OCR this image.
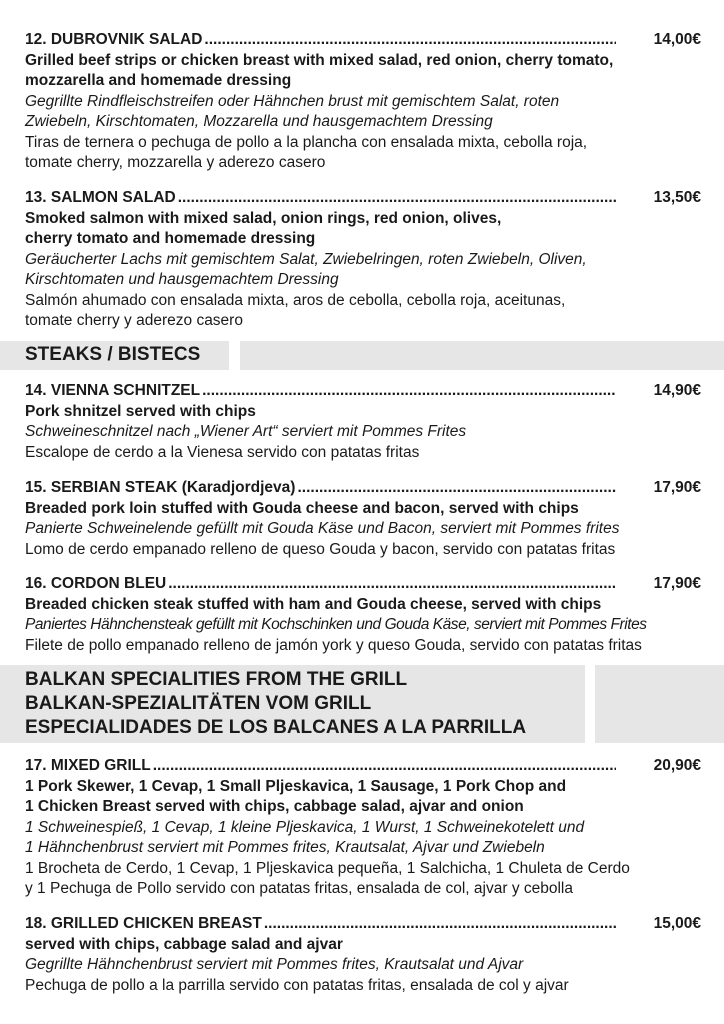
12. DUBROVNIK SALAD .....	14,00€
Grilled beef strips or chicken breast with mixed salad, red onion, cherry tomato,
mozzarella and homemade dressing
Gegrillte Rindfleischstreifen oder Hähnchen brust mit gemischtem Salat, roten
Zwiebeln, Kirschtomaten, Mozzarella und hausgemachtem Dressing
Tiras de ternera o pechuga de pollo a la plancha con ensalada mixta, cebolla roja,
tomate cherry, mozzarella y aderezo casero
13. SALMON SALAD .....	13,50€
Smoked salmon with mixed salad, onion rings, red onion, olives,
cherry tomato and homemade dressing
Geräucherter Lachs mit gemischtem Salat, Zwiebelringen, roten Zwiebeln, Oliven,
Kirschtomaten und hausgemachtem Dressing
Salmón ahumado con ensalada mixta, aros de cebolla, cebolla roja, aceitunas,
tomate cherry y aderezo casero
STEAKS / BISTECS
14. VIENNA SCHNITZEL .....	14,90€
Pork shnitzel served with chips
Schweineschnitzel nach „Wiener Art“ serviert mit Pommes Frites
Escalope de cerdo a la Vienesa servido con patatas fritas
15. SERBIAN STEAK (Karadjordjeva) .....	17,90€
Breaded pork loin stuffed with Gouda cheese and bacon, served with chips
Panierte Schweinelende gefüllt mit Gouda Käse und Bacon, serviert mit Pommes frites
Lomo de cerdo empanado relleno de queso Gouda y bacon, servido con patatas fritas
16. CORDON BLEU .....	17,90€
Breaded chicken steak stuffed with ham and Gouda cheese, served with chips
Paniertes Hähnchensteak gefüllt mit Kochschinken und Gouda Käse, serviert mit Pommes Frites
Filete de pollo empanado relleno de jamón york y queso Gouda, servido con patatas fritas
BALKAN SPECIALITIES FROM THE GRILL
BALKAN-SPEZIALITÄTEN VOM GRILL
ESPECIALIDADES DE LOS BALCANES A LA PARRILLA
17. MIXED GRILL .....	20,90€
1 Pork Skewer, 1 Cevap, 1 Small Pljeskavica, 1 Sausage, 1 Pork Chop and
1 Chicken Breast served with chips, cabbage salad, ajvar and onion
1 Schweinespieß, 1 Cevap, 1 kleine Pljeskavica, 1 Wurst, 1 Schweinekotelett und
1 Hähnchenbrust serviert mit Pommes frites, Krautsalat, Ajvar und Zwiebeln
1 Brocheta de Cerdo, 1 Cevap, 1 Pljeskavica pequeña, 1 Salchicha, 1 Chuleta de Cerdo
y 1 Pechuga de Pollo servido con patatas fritas, ensalada de col, ajvar y cebolla
18. GRILLED CHICKEN BREAST .....	15,00€
served with chips, cabbage salad and ajvar
Gegrillte Hähnchenbrust serviert mit Pommes frites, Krautsalat und Ajvar
Pechuga de pollo a la parrilla servido con patatas fritas, ensalada de col y ajvar
